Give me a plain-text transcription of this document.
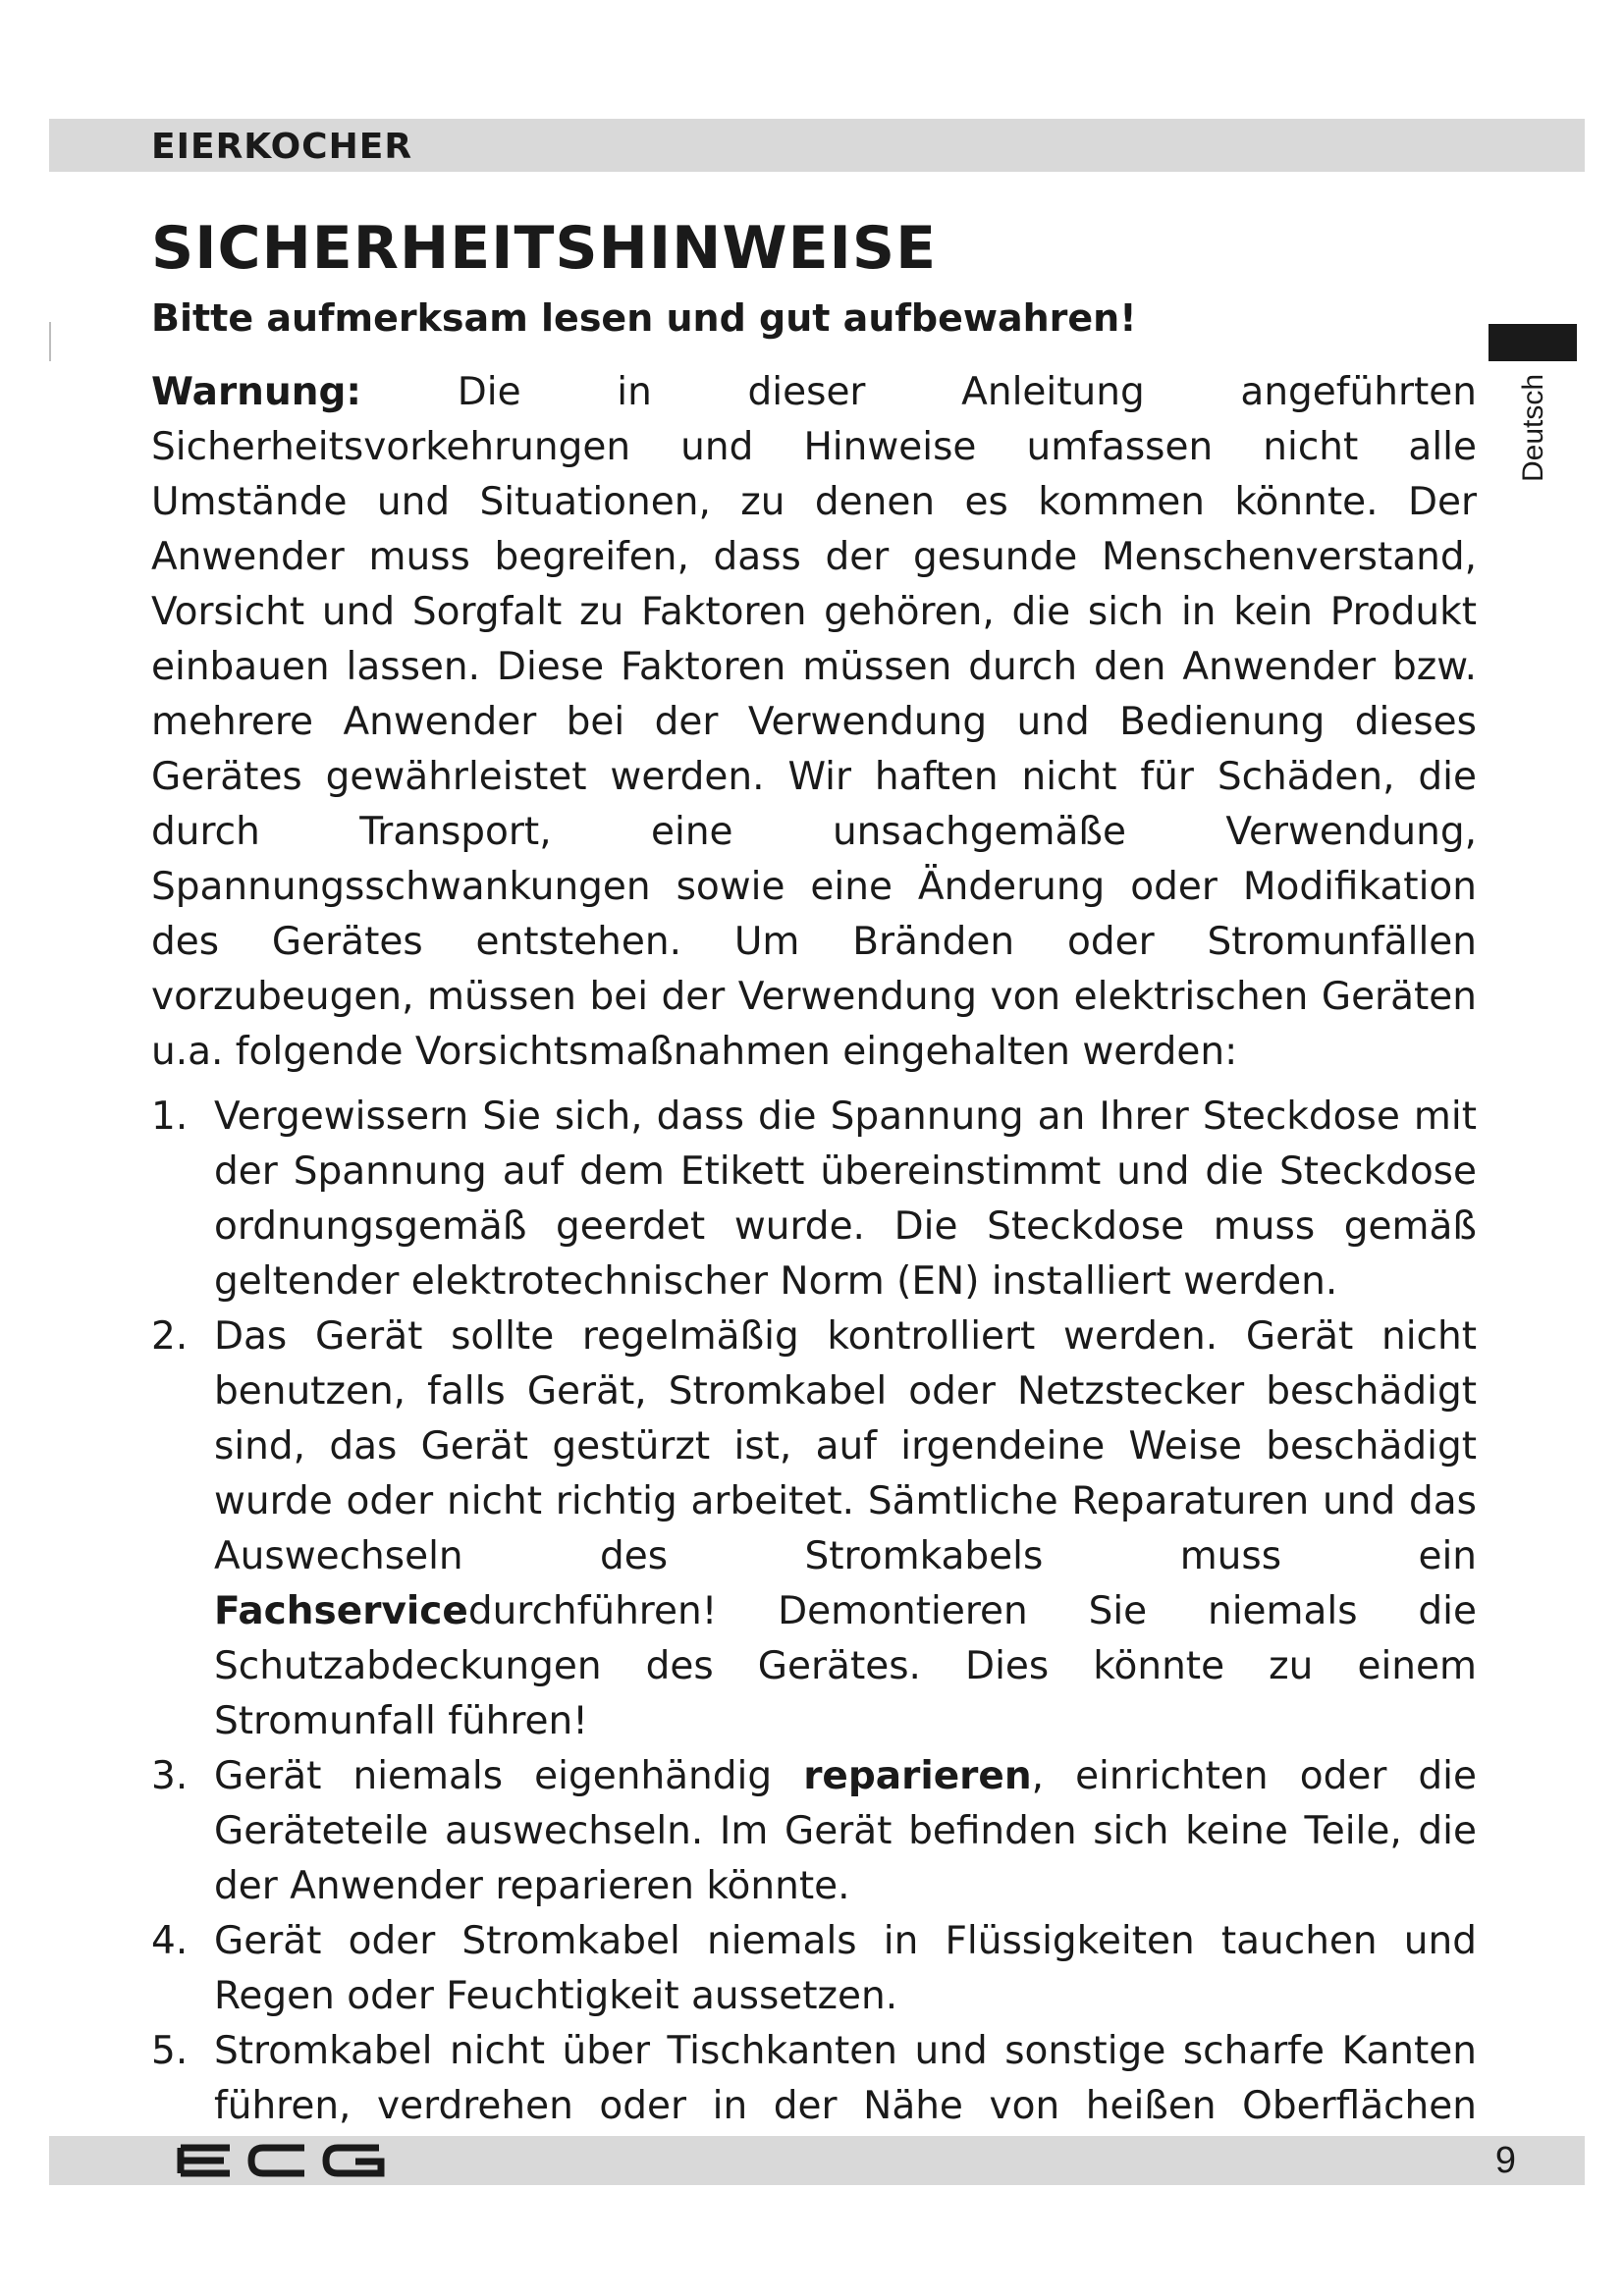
EIERKOCHER
SICHERHEITSHINWEISE
Bitte aufmerksam lesen und gut aufbewahren!
Deutsch

Warnung:	Die in dieser Anleitung angeführten Sicherheitsvorkehrungen und Hinweise umfassen nicht alle Umstände und Situationen, zu denen es kommen könnte. Der Anwender muss begreifen, dass der gesunde Menschenverstand, Vorsicht und Sorgfalt zu Faktoren gehören, die sich in kein Produkt einbauen lassen. Diese Faktoren müssen durch den Anwender bzw. mehrere Anwender bei der Verwendung und Bedienung dieses Gerätes gewährleistet werden. Wir haften nicht für Schäden, die durch Transport, eine unsachgemäße Verwendung, Spannungsschwankungen sowie eine Änderung oder Modifikation des Gerätes entstehen. Um Bränden oder Stromunfällen vorzubeugen, müssen bei der Verwendung von elektrischen Geräten u.a. folgende Vorsichtsmaßnahmen eingehalten werden:

1. Vergewissern Sie sich, dass die Spannung an Ihrer Steckdose mit der Spannung auf dem Etikett übereinstimmt und die Steckdose ordnungsgemäß geerdet wurde. Die Steckdose muss gemäß geltender elektrotechnischer Norm (EN) installiert werden.
2. Das Gerät sollte regelmäßig kontrolliert werden. Gerät nicht benutzen, falls Gerät, Stromkabel oder Netzstecker beschädigt sind, das Gerät gestürzt ist, auf irgendeine Weise beschädigt wurde oder nicht richtig arbeitet. Sämtliche Reparaturen und das Auswechseln des Stromkabels muss ein Fachservicedurchführen! Demontieren Sie niemals die Schutzabdeckungen des Gerätes. Dies könnte zu einem Stromunfall führen!
3. Gerät niemals eigenhändig reparieren, einrichten oder die Geräteteile auswechseln. Im Gerät befinden sich keine Teile, die der Anwender reparieren könnte.
4. Gerät oder Stromkabel niemals in Flüssigkeiten tauchen und Regen oder Feuchtigkeit aussetzen.
5. Stromkabel nicht über Tischkanten und sonstige scharfe Kanten führen, verdrehen oder in der Nähe von heißen Oberflächen
9
